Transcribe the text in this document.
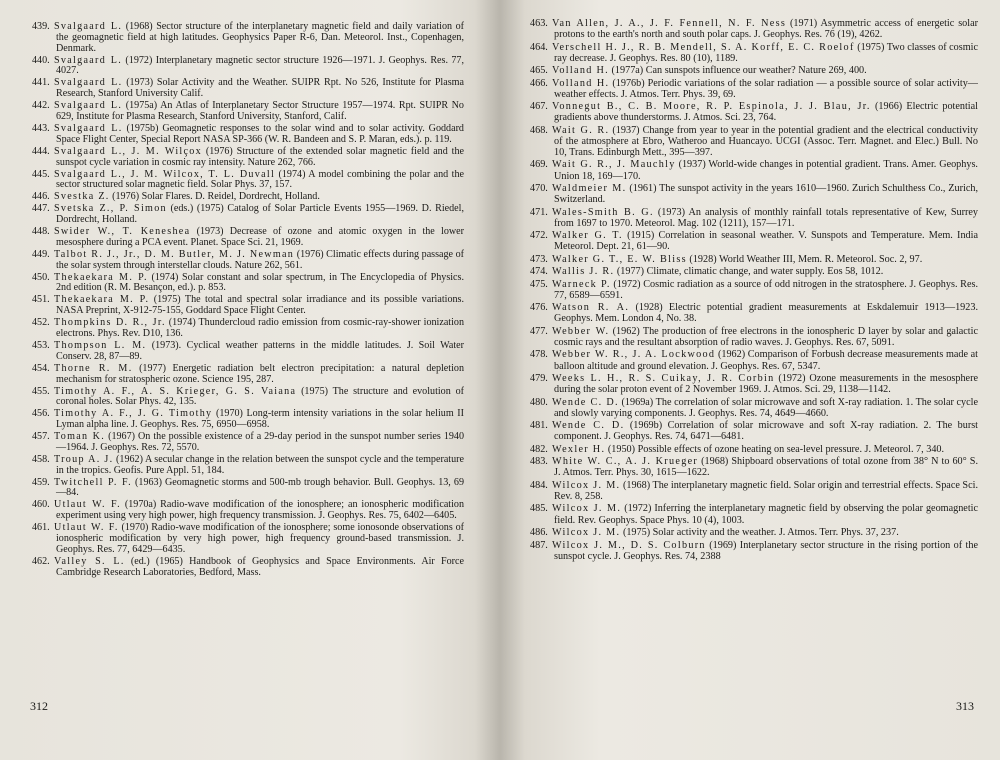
439. Svalgaard L. (1968) Sector structure of the interplanetary magnetic field and daily variation of the geomagnetic field at high latitudes. Geophysics Paper R-6, Dan. Meteorol. Inst., Copenhagen, Denmark.
440. Svalgaard L. (1972) Interplanetary magnetic sector structure 1926—1971. J. Geophys. Res. 77, 4027.
441. Svalgaard L. (1973) Solar Activity and the Weather. SUIPR Rpt. No 526, Institute for Plasma Research, Stanford University Calif.
442. Svalgaard L. (1975a) An Atlas of Interplanetary Sector Structure 1957—1974. Rpt. SUIPR No 629, Institute for Plasma Research, Stanford University, Stanford, Calif.
443. Svalgaard L. (1975b) Geomagnetic responses to the solar wind and to solar activity. Goddard Space Flight Center, Special Report NASA SP-366 (W. R. Bandeen and S. P. Maran, eds.). p. 119.
444. Svalgaard L., J. M. Wilçox (1976) Structure of the extended solar magnetic field and the sunspot cycle variation in cosmic ray intensity. Nature 262, 766.
445. Svalgaard L., J. M. Wilcox, T. L. Duvall (1974) A model combining the polar and the sector structured solar magnetic field. Solar Phys. 37, 157.
446. Svestka Z. (1976) Solar Flares. D. Reidel, Dordrecht, Holland.
447. Svetska Z., P. Simon (eds.) (1975) Catalog of Solar Particle Events 1955—1969. D. Riedel, Dordrecht, Holland.
448. Swider W., T. Keneshea (1973) Decrease of ozone and atomic oxygen in the lower mesosphere during a PCA event. Planet. Space Sci. 21, 1969.
449. Talbot R. J., Jr., D. M. Butler, M. J. Newman (1976) Climatic effects during passage of the solar system through interstellar clouds. Nature 262, 561.
450. Thekaekara M. P. (1974) Solar constant and solar spectrum, in The Encyclopedia of Physics. 2nd edition (R. M. Besançon, ed.). p. 853.
451. Thekaekara M. P. (1975) The total and spectral solar irradiance and its possible variations. NASA Preprint, X-912-75-155, Goddard Space Flight Center.
452. Thompkins D. R., Jr. (1974) Thundercloud radio emission from cosmic-ray-shower ionization electrons. Phys. Rev. D10, 136.
453. Thompson L. M. (1973). Cyclical weather patterns in the middle latitudes. J. Soil Water Conserv. 28, 87—89.
454. Thorne R. M. (1977) Energetic radiation belt electron precipitation: a natural depletion mechanism for stratospheric ozone. Science 195, 287.
455. Timothy A. F., A. S. Krieger, G. S. Vaiana (1975) The structure and evolution of coronal holes. Solar Phys. 42, 135.
456. Timothy A. F., J. G. Timothy (1970) Long-term intensity variations in the solar helium II Lyman alpha line. J. Geophys. Res. 75, 6950—6958.
457. Toman K. (1967) On the possible existence of a 29-day period in the sunspot number series 1940—1964. J. Geophys. Res. 72, 5570.
458. Troup A. J. (1962) A secular change in the relation between the sunspot cycle and the temperature in the tropics. Geofis. Pure Appl. 51, 184.
459. Twitchell P. F. (1963) Geomagnetic storms and 500-mb trough behavior. Bull. Geophys. 13, 69—84.
460. Utlaut W. F. (1970a) Radio-wave modification of the ionosphere; an ionospheric modification experiment using very high power, high frequency transmission. J. Geophys. Res. 75, 6402—6405.
461. Utlaut W. F. (1970) Radio-wave modification of the ionosphere; some ionosonde observations of ionospheric modification by very high power, high frequency ground-based transmission. J. Geophys. Res. 77, 6429—6435.
462. Valley S. L. (ed.) (1965) Handbook of Geophysics and Space Environments. Air Force Cambridge Research Laboratories, Bedford, Mass.
312
463. Van Allen, J. A., J. F. Fennell, N. F. Ness (1971) Asymmetric access of energetic solar protons to the earth's north and south polar caps. J. Geophys. Res. 76 (19), 4262.
464. Verschell H. J., R. B. Mendell, S. A. Korff, E. C. Roelof (1975) Two classes of cosmic ray decrease. J. Geophys. Res. 80 (10), 1189.
465. Volland H. (1977a) Can sunspots influence our weather? Nature 269, 400.
466. Volland H. (1976b) Periodic variations of the solar radiation — a possible source of solar activity—weather effects. J. Atmos. Terr. Phys. 39, 69.
467. Vonnegut B., C. B. Moore, R. P. Espinola, J. J. Blau, Jr. (1966) Electric potential gradients above thunderstorms. J. Atmos. Sci. 23, 764.
468. Wait G. R. (1937) Change from year to year in the potential gradient and the electrical conductivity of the atmosphere at Ebro, Watheroo and Huancayo. UCGI (Assoc. Terr. Magnet. and Elec.) Bull. No 10, Trans. Edinburgh Mett., 395—397.
469. Wait G. R., J. Mauchly (1937) World-wide changes in potential gradient. Trans. Amer. Geophys. Union 18, 169—170.
470. Waldmeier M. (1961) The sunspot activity in the years 1610—1960. Zurich Schulthess Co., Zurich, Switzerland.
471. Wales-Smith B. G. (1973) An analysis of monthly rainfall totals representative of Kew, Surrey from 1697 to 1970. Meteorol. Mag. 102 (1211), 157—171.
472. Walker G. T. (1915) Correlation in seasonal weather. V. Sunspots and Temperature. Mem. India Meteorol. Dept. 21, 61—90.
473. Walker G. T., E. W. Bliss (1928) World Weather III, Mem. R. Meteorol. Soc. 2, 97.
474. Wallis J. R. (1977) Climate, climatic change, and water supply. Eos 58, 1012.
475. Warneck P. (1972) Cosmic radiation as a source of odd nitrogen in the stratosphere. J. Geophys. Res. 77, 6589—6591.
476. Watson R. A. (1928) Electric potential gradient measurements at Eskdalemuir 1913—1923. Geophys. Mem. London 4, No. 38.
477. Webber W. (1962) The production of free electrons in the ionospheric D layer by solar and galactic cosmic rays and the resultant absorption of radio waves. J. Geophys. Res. 67, 5091.
478. Webber W. R., J. A. Lockwood (1962) Comparison of Forbush decrease measurements made at balloon altitude and ground elevation. J. Geophys. Res. 67, 5347.
479. Weeks L. H., R. S. Cuikay, J. R. Corbin (1972) Ozone measurements in the mesosphere during the solar proton event of 2 November 1969. J. Atmos. Sci. 29, 1138—1142.
480. Wende C. D. (1969a) The correlation of solar microwave and soft X-ray radiation. 1. The solar cycle and slowly varying components. J. Geophys. Res. 74, 4649—4660.
481. Wende C. D. (1969b) Correlation of solar microwave and soft X-ray radiation. 2. The burst component. J. Geophys. Res. 74, 6471—6481.
482. Wexler H. (1950) Possible effects of ozone heating on sea-level pressure. J. Meteorol. 7, 340.
483. White W. C., A. J. Krueger (1968) Shipboard observations of total ozone from 38° N to 60° S. J. Atmos. Terr. Phys. 30, 1615—1622.
484. Wilcox J. M. (1968) The interplanetary magnetic field. Solar origin and terrestrial effects. Space Sci. Rev. 8, 258.
485. Wilcox J. M. (1972) Inferring the interplanetary magnetic field by observing the polar geomagnetic field. Rev. Geophys. Space Phys. 10 (4), 1003.
486. Wilcox J. M. (1975) Solar activity and the weather. J. Atmos. Terr. Phys. 37, 237.
487. Wilcox J. M., D. S. Colburn (1969) Interplanetary sector structure in the rising portion of the sunspot cycle. J. Geophys. Res. 74, 2388
313
